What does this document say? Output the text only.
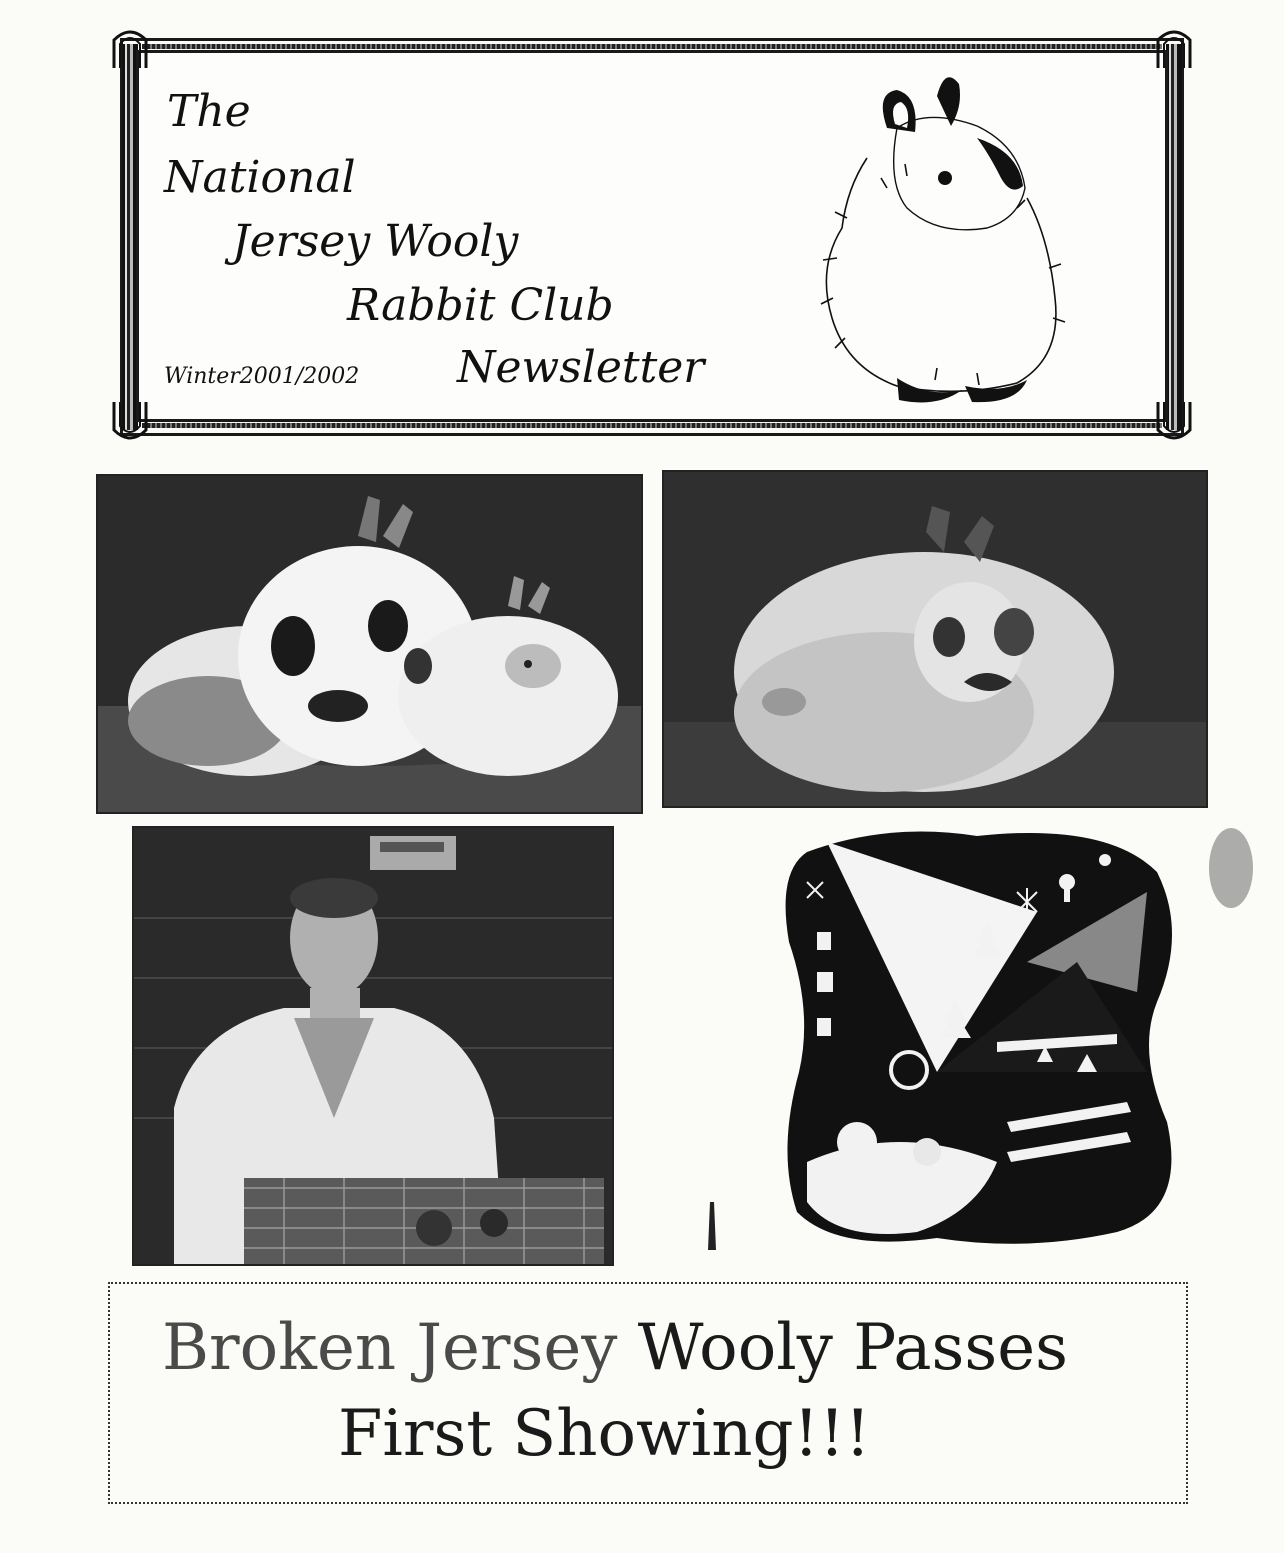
The

National

Jersey Wooly

Rabbit Club

Newsletter

Winter2001/2002

Broken Jersey Wooly Passes

First Showing!!!
